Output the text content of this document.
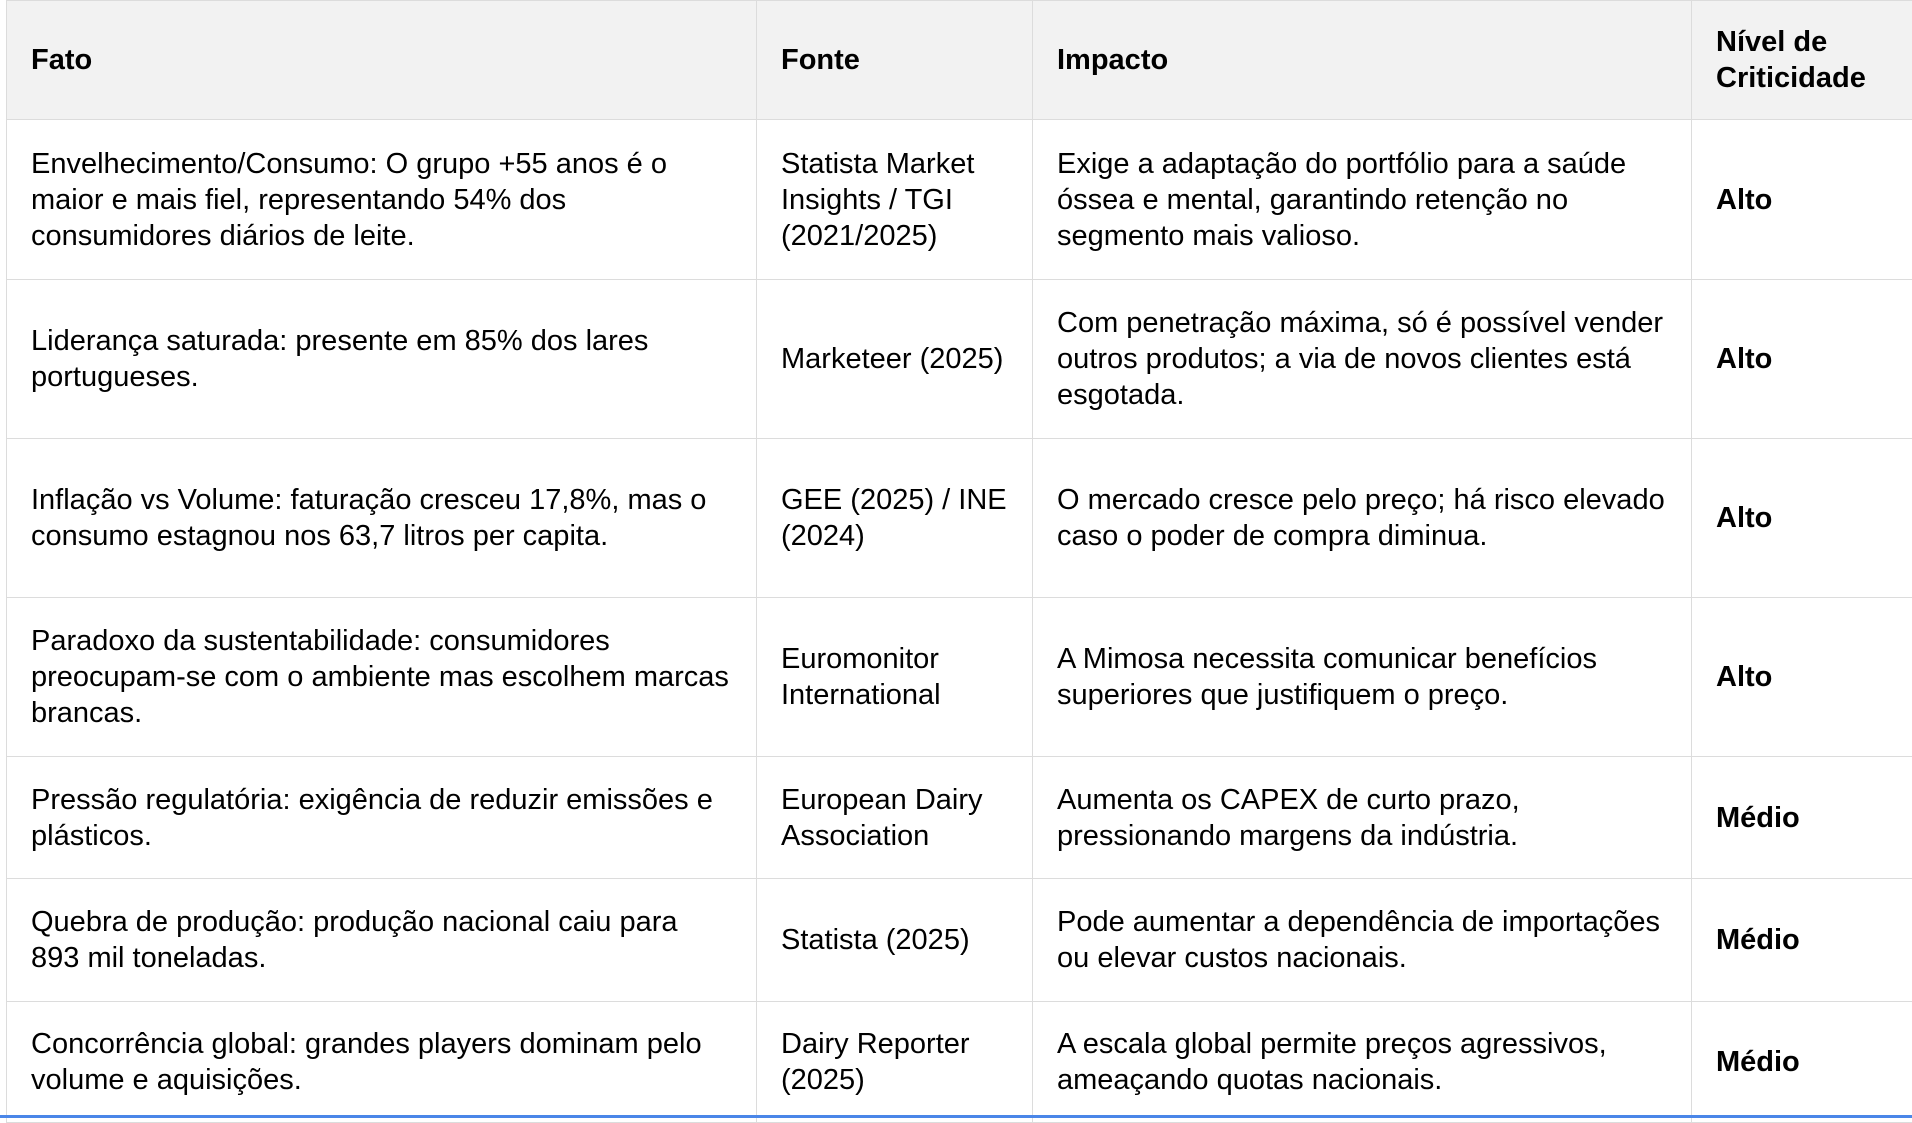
Fato	Fonte	Impacto	Nível de Criticidade
Envelhecimento/Consumo: O grupo +55 anos é o maior e mais fiel, representando 54% dos consumidores diários de leite.	Statista Market Insights / TGI (2021/2025)	Exige a adaptação do portfólio para a saúde óssea e mental, garantindo retenção no segmento mais valioso.	Alto
Liderança saturada: presente em 85% dos lares portugueses.	Marketeer (2025)	Com penetração máxima, só é possível vender outros produtos; a via de novos clientes está esgotada.	Alto
Inflação vs Volume: faturação cresceu 17,8%, mas o consumo estagnou nos 63,7 litros per capita.	GEE (2025) / INE (2024)	O mercado cresce pelo preço; há risco elevado caso o poder de compra diminua.	Alto
Paradoxo da sustentabilidade: consumidores preocupam-se com o ambiente mas escolhem marcas brancas.	Euromonitor International	A Mimosa necessita comunicar benefícios superiores que justifiquem o preço.	Alto
Pressão regulatória: exigência de reduzir emissões e plásticos.	European Dairy Association	Aumenta os CAPEX de curto prazo, pressionando margens da indústria.	Médio
Quebra de produção: produção nacional caiu para 893 mil toneladas.	Statista (2025)	Pode aumentar a dependência de importações ou elevar custos nacionais.	Médio
Concorrência global: grandes players dominam pelo volume e aquisições.	Dairy Reporter (2025)	A escala global permite preços agressivos, ameaçando quotas nacionais.	Médio
